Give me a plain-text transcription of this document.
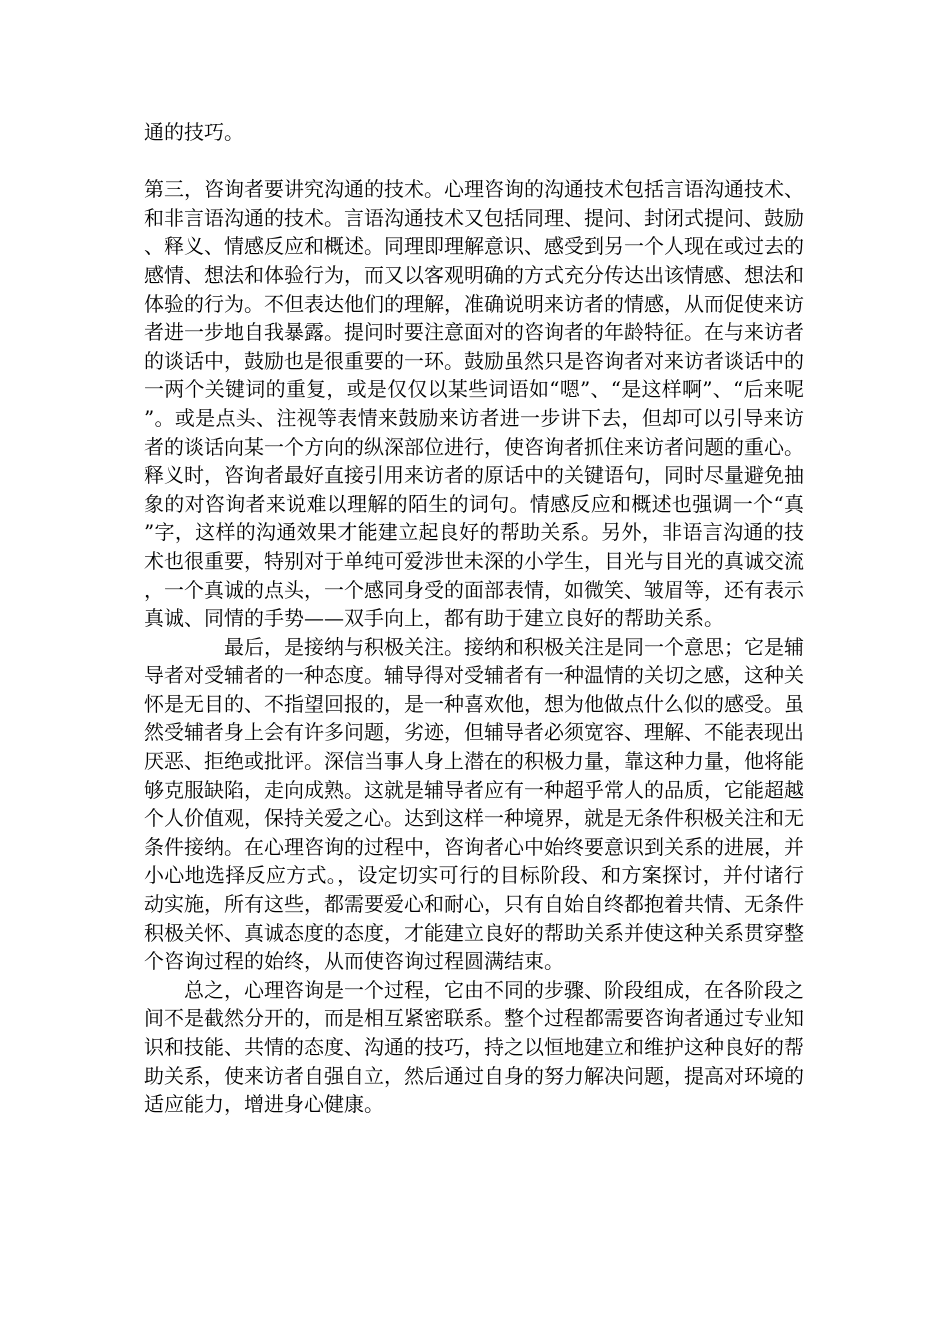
通的技巧。

第三，咨询者要讲究沟通的技术。心理咨询的沟通技术包括言语沟通技术、和非言语沟通的技术。言语沟通技术又包括同理、提问、封闭式提问、鼓励、释义、情感反应和概述。同理即理解意识、感受到另一个人现在或过去的感情、想法和体验行为，而又以客观明确的方式充分传达出该情感、想法和体验的行为。不但表达他们的理解，准确说明来访者的情感，从而促使来访者进一步地自我暴露。提问时要注意面对的咨询者的年龄特征。在与来访者的谈话中，鼓励也是很重要的一环。鼓励虽然只是咨询者对来访者谈话中的一两个关键词的重复，或是仅仅以某些词语如“嗯”、“是这样啊”、“后来呢”。或是点头、注视等表情来鼓励来访者进一步讲下去，但却可以引导来访者的谈话向某一个方向的纵深部位进行，使咨询者抓住来访者问题的重心。释义时，咨询者最好直接引用来访者的原话中的关键语句，同时尽量避免抽象的对咨询者来说难以理解的陌生的词句。情感反应和概述也强调一个“真”字，这样的沟通效果才能建立起良好的帮助关系。另外，非语言沟通的技术也很重要，特别对于单纯可爱涉世未深的小学生，目光与目光的真诚交流，一个真诚的点头，一个感同身受的面部表情，如微笑、皱眉等，还有表示真诚、同情的手势——双手向上，都有助于建立良好的帮助关系。

最后，是接纳与积极关注。接纳和积极关注是同一个意思；它是辅导者对受辅者的一种态度。辅导得对受辅者有一种温情的关切之感，这种关怀是无目的、不指望回报的，是一种喜欢他，想为他做点什么似的感受。虽然受辅者身上会有许多问题，劣迹，但辅导者必须宽容、理解、不能表现出厌恶、拒绝或批评。深信当事人身上潜在的积极力量，靠这种力量，他将能够克服缺陷，走向成熟。这就是辅导者应有一种超乎常人的品质，它能超越个人价值观，保持关爱之心。达到这样一种境界，就是无条件积极关注和无条件接纳。在心理咨询的过程中，咨询者心中始终要意识到关系的进展，并小心地选择反应方式。，设定切实可行的目标阶段、和方案探讨，并付诸行动实施，所有这些，都需要爱心和耐心，只有自始自终都抱着共情、无条件积极关怀、真诚态度的态度，才能建立良好的帮助关系并使这种关系贯穿整个咨询过程的始终，从而使咨询过程圆满结束。

总之，心理咨询是一个过程，它由不同的步骤、阶段组成，在各阶段之间不是截然分开的，而是相互紧密联系。整个过程都需要咨询者通过专业知识和技能、共情的态度、沟通的技巧，持之以恒地建立和维护这种良好的帮助关系，使来访者自强自立，然后通过自身的努力解决问题，提高对环境的适应能力，增进身心健康。
